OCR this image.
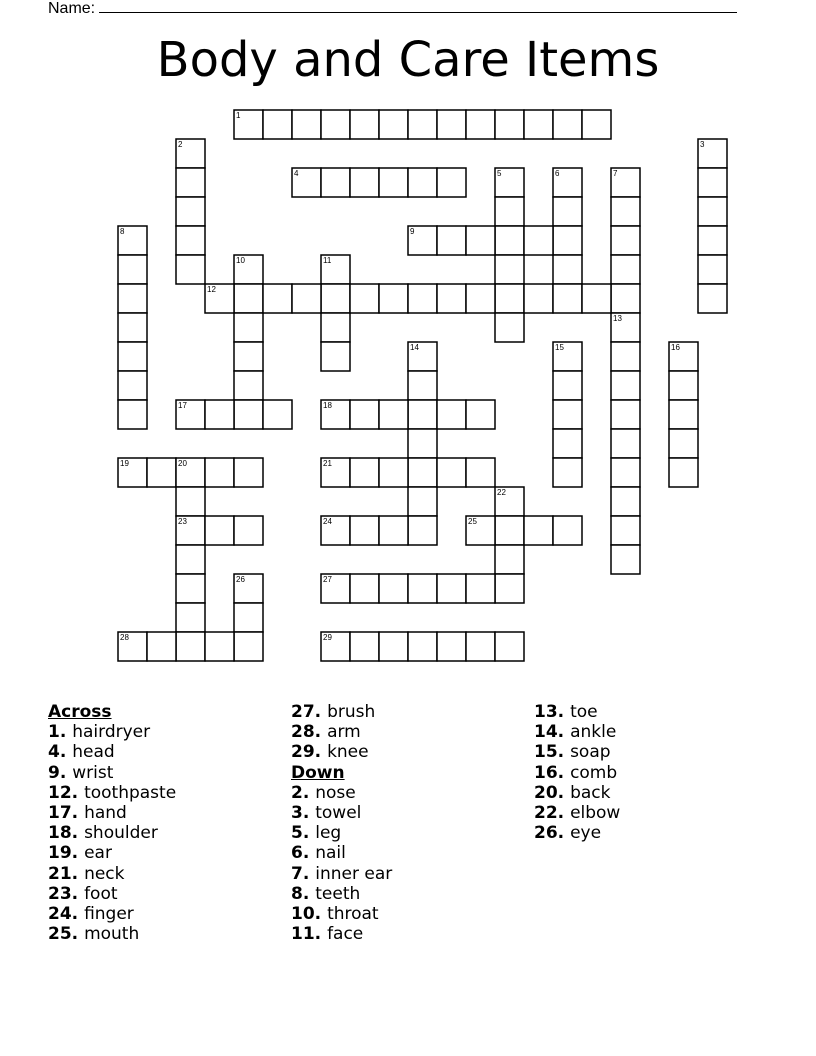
Name:
Body and Care Items
1
2	3
4	5	6	7
8	9
10	11
12
13
14	15	16
17	18
19	20	21
22
23	24	25
26	27
28	29
Across
1 . hairdryer
4 . head
9 . wrist
12 . toothpaste
17 . hand
18 . shoulder
19 . ear
21 . neck
23 . foot
24 . finger
25 . mouth
27 . brush
28 . arm
29 . knee
Down
2 . nose
3 . towel
5 . leg
6 . nail
7 . inner ear
8 . teeth
10 . throat
11 . face
13 . toe
14 . ankle
15 . soap
16 . comb
20 . back
22 . elbow
26 . eye
